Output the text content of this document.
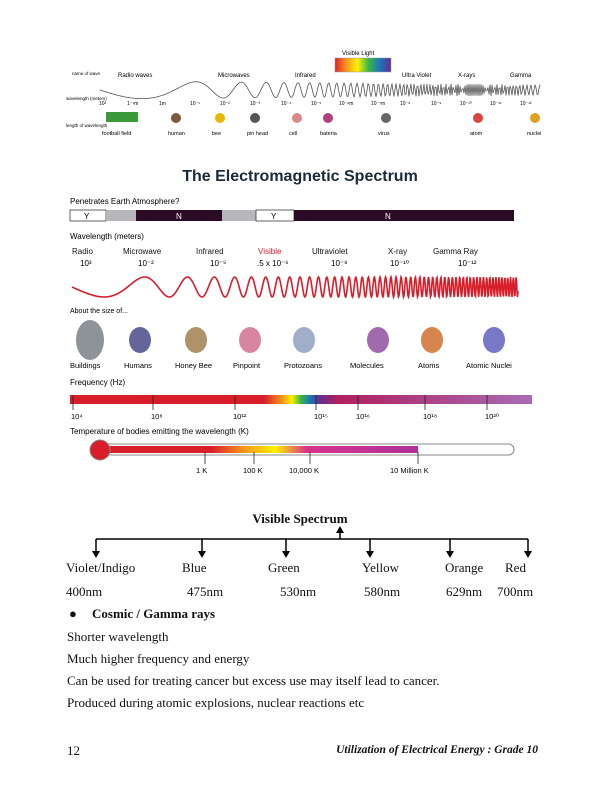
Visible Light
name of wave
wavelength (meters)
length of wavelength
Radio waves	Microwaves	Infrared	Ultra Violet	X-rays	Gamma
10²	1⁻¹m	1m	10⁻¹	10⁻²	10⁻³	10⁻⁴	10⁻⁵	10⁻⁶m	10⁻⁷m	10⁻⁸	10⁻⁹	10⁻¹⁰	10⁻¹¹	10⁻¹²
football field	human	bee	pin head	cell	bateria	virus	atom	nuclei
The Electromagnetic Spectrum
Penetrates Earth Atmosphere?
Y	N	Y	N
Wavelength (meters)
Radio
10³
Microwave
10⁻²
Infrared
10⁻⁵
Visible
.5 x 10⁻⁶
Ultraviolet
10⁻⁸
X-ray
10⁻¹⁰
Gamma Ray
10⁻¹²
About the size of...
Buildings	Humans	Honey Bee	Pinpoint	Protozoans	Molecules	Atoms	Atomic Nuclei
Frequency (Hz)
10⁴	10⁸	10¹²	10¹⁵	10¹⁶	10¹⁸	10²⁰
Temperature of bodies emitting the wavelength (K)
1 K	100 K	10,000 K	10 Million K
Visible Spectrum
Violet/Indigo	Blue	Green	Yellow	Orange Red
400nm	475nm	530nm	580nm	629nm 700nm
● Cosmic / Gamma rays
Shorter wavelength
Much higher frequency and energy
Can be used for treating cancer but excess use may itself lead to cancer.
Produced during atomic explosions, nuclear reactions etc
12	Utilization of Electrical Energy : Grade 10
